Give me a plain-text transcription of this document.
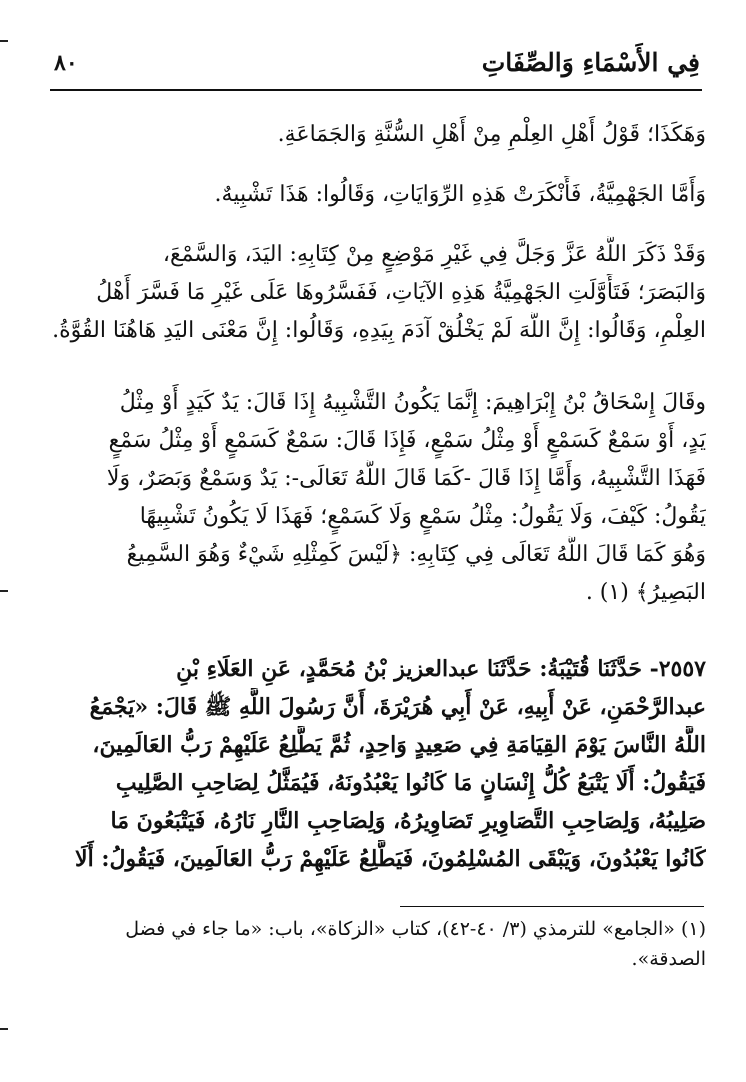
فِي الأَسْمَاءِ وَالصِّفَاتِ
٨٠
وَهَكَذَا؛ قَوْلُ أَهْلِ العِلْمِ مِنْ أَهْلِ السُّنَّةِ وَالجَمَاعَةِ.
وَأَمَّا الجَهْمِيَّةُ، فَأَنْكَرَتْ هَذِهِ الرِّوَايَاتِ، وَقَالُوا: هَذَا تَشْبِيهٌ.
وَقَدْ ذَكَرَ اللَّهُ عَزَّ وَجَلَّ فِي غَيْرِ مَوْضِعٍ مِنْ كِتَابِهِ: اليَدَ، وَالسَّمْعَ،
وَالبَصَرَ؛ فَتَأَوَّلَتِ الجَهْمِيَّةُ هَذِهِ الآيَاتِ، فَفَسَّرُوهَا عَلَى غَيْرِ مَا فَسَّرَ أَهْلُ
العِلْمِ، وَقَالُوا: إِنَّ اللَّهَ لَمْ يَخْلُقْ آدَمَ بِيَدِهِ، وَقَالُوا: إِنَّ مَعْنَى اليَدِ هَاهُنَا القُوَّةُ.
وقَالَ إِسْحَاقُ بْنُ إِبْرَاهِيمَ: إِنَّمَا يَكُونُ التَّشْبِيهُ إِذَا قَالَ: يَدٌ كَيَدٍ أَوْ مِثْلُ
يَدٍ، أَوْ سَمْعٌ كَسَمْعٍ أَوْ مِثْلُ سَمْعٍ، فَإِذَا قَالَ: سَمْعٌ كَسَمْعٍ أَوْ مِثْلُ سَمْعٍ
فَهَذَا التَّشْبِيهُ، وَأَمَّا إِذَا قَالَ -كَمَا قَالَ اللَّهُ تَعَالَى-: يَدٌ وَسَمْعٌ وَبَصَرٌ، وَلَا
يَقُولُ: كَيْفَ، وَلَا يَقُولُ: مِثْلُ سَمْعٍ وَلَا كَسَمْعٍ؛ فَهَذَا لَا يَكُونُ تَشْبِيهًا
وَهُوَ كَمَا قَالَ اللَّهُ تَعَالَى فِي كِتَابِهِ: ﴿لَيْسَ كَمِثْلِهِ شَيْءٌ وَهُوَ السَّمِيعُ
البَصِيرُ﴾ (١) .
٢٥٥٧- حَدَّثَنَا قُتَيْبَةُ: حَدَّثَنَا عبدالعزيز بْنُ مُحَمَّدٍ، عَنِ العَلَاءِ بْنِ
عبدالرَّحْمَنِ، عَنْ أَبِيهِ، عَنْ أَبِي هُرَيْرَةَ، أَنَّ رَسُولَ اللَّهِ ﷺ قَالَ: «يَجْمَعُ
اللَّهُ النَّاسَ يَوْمَ القِيَامَةِ فِي صَعِيدٍ وَاحِدٍ، ثُمَّ يَطَّلِعُ عَلَيْهِمْ رَبُّ العَالَمِينَ،
فَيَقُولُ: أَلَا يَتْبَعُ كُلُّ إِنْسَانٍ مَا كَانُوا يَعْبُدُونَهُ، فَيُمَثَّلُ لِصَاحِبِ الصَّلِيبِ
صَلِيبُهُ، وَلِصَاحِبِ التَّصَاوِيرِ تَصَاوِيرُهُ، وَلِصَاحِبِ النَّارِ نَارُهُ، فَيَتْبَعُونَ مَا
كَانُوا يَعْبُدُونَ، وَيَبْقَى المُسْلِمُونَ، فَيَطَّلِعُ عَلَيْهِمْ رَبُّ العَالَمِينَ، فَيَقُولُ: أَلَا
(١) «الجامع» للترمذي (٣/ ٤٠-٤٢)، كتاب «الزكاة»، باب: «ما جاء في فضل
الصدقة».
